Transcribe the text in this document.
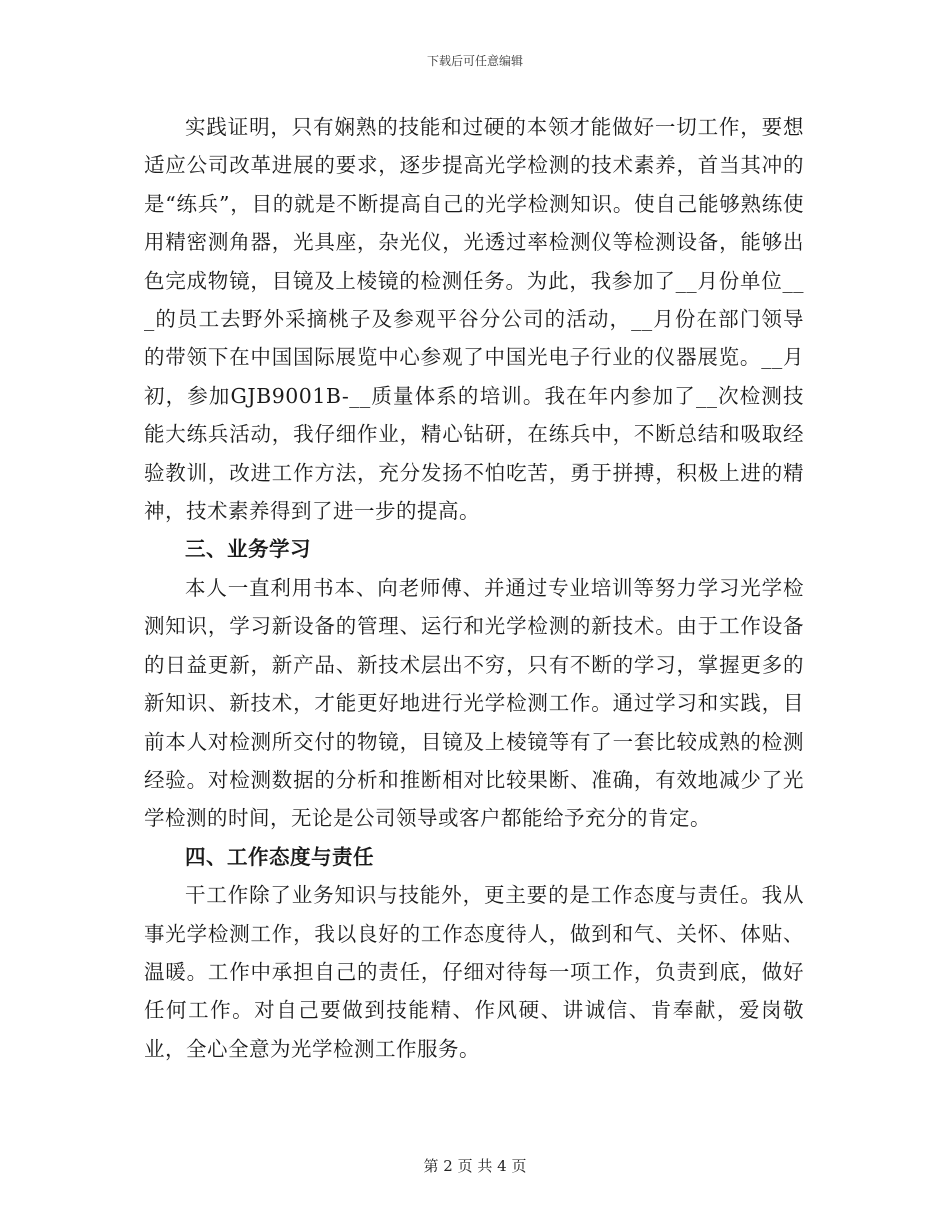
下载后可任意编辑

实践证明，只有娴熟的技能和过硬的本领才能做好一切工作，要想适应公司改革进展的要求，逐步提高光学检测的技术素养，首当其冲的是“练兵”，目的就是不断提高自己的光学检测知识。使自己能够熟练使用精密测角器，光具座，杂光仪，光透过率检测仪等检测设备，能够出色完成物镜，目镜及上棱镜的检测任务。为此，我参加了__月份单位___的员工去野外采摘桃子及参观平谷分公司的活动，__月份在部门领导的带领下在中国国际展览中心参观了中国光电子行业的仪器展览。__月初，参加GJB9001B-__质量体系的培训。我在年内参加了__次检测技能大练兵活动，我仔细作业，精心钻研，在练兵中，不断总结和吸取经验教训，改进工作方法，充分发扬不怕吃苦，勇于拼搏，积极上进的精神，技术素养得到了进一步的提高。

三、业务学习

本人一直利用书本、向老师傅、并通过专业培训等努力学习光学检测知识，学习新设备的管理、运行和光学检测的新技术。由于工作设备的日益更新，新产品、新技术层出不穷，只有不断的学习，掌握更多的新知识、新技术，才能更好地进行光学检测工作。通过学习和实践，目前本人对检测所交付的物镜，目镜及上棱镜等有了一套比较成熟的检测经验。对检测数据的分析和推断相对比较果断、准确，有效地减少了光学检测的时间，无论是公司领导或客户都能给予充分的肯定。

四、工作态度与责任

干工作除了业务知识与技能外，更主要的是工作态度与责任。我从事光学检测工作，我以良好的工作态度待人，做到和气、关怀、体贴、温暖。工作中承担自己的责任，仔细对待每一项工作，负责到底，做好任何工作。对自己要做到技能精、作风硬、讲诚信、肯奉献，爱岗敬业，全心全意为光学检测工作服务。

第 2 页 共 4 页
